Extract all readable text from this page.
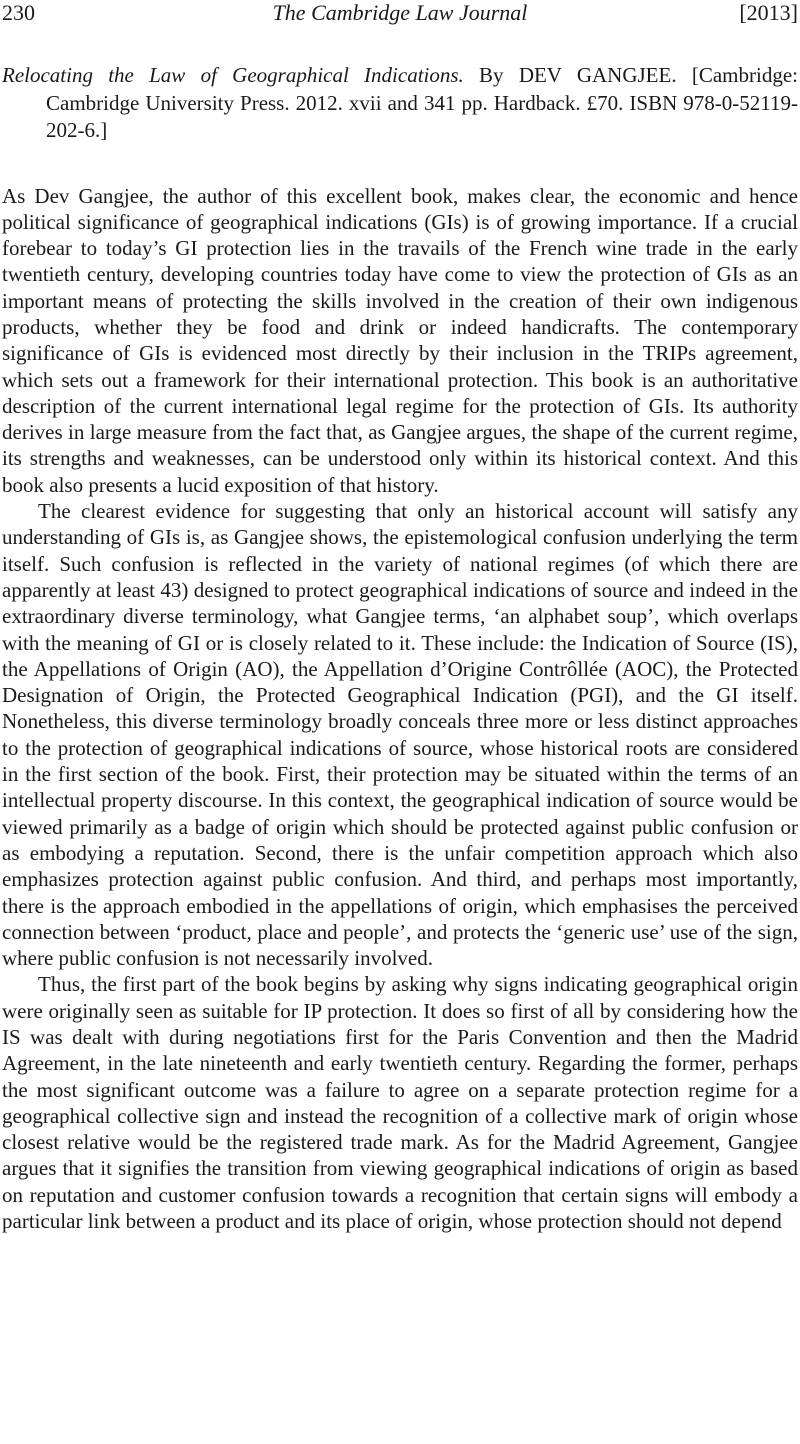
230	The Cambridge Law Journal	[2013]
Relocating the Law of Geographical Indications. By DEV GANGJEE. [Cambridge: Cambridge University Press. 2012. xvii and 341 pp. Hardback. £70. ISBN 978-0-52119-202-6.]

As Dev Gangjee, the author of this excellent book, makes clear, the economic and hence political significance of geographical indications (GIs) is of growing importance. If a crucial forebear to today’s GI protection lies in the travails of the French wine trade in the early twentieth century, developing countries today have come to view the protection of GIs as an important means of protecting the skills involved in the creation of their own indigenous products, whether they be food and drink or indeed handicrafts. The contemporary significance of GIs is evidenced most directly by their inclusion in the TRIPs agreement, which sets out a framework for their international protection. This book is an authoritative description of the current international legal regime for the protection of GIs. Its authority derives in large measure from the fact that, as Gangjee argues, the shape of the current regime, its strengths and weaknesses, can be understood only within its historical context. And this book also presents a lucid exposition of that history.

The clearest evidence for suggesting that only an historical account will satisfy any understanding of GIs is, as Gangjee shows, the epistemological confusion underlying the term itself. Such confusion is reflected in the variety of national regimes (of which there are apparently at least 43) designed to protect geographical indications of source and indeed in the extraordinary diverse terminology, what Gangjee terms, ‘an alphabet soup’, which overlaps with the meaning of GI or is closely related to it. These include: the Indication of Source (IS), the Appellations of Origin (AO), the Appellation d’Origine Contrôllée (AOC), the Protected Designation of Origin, the Protected Geographical Indication (PGI), and the GI itself. Nonetheless, this diverse terminology broadly conceals three more or less distinct approaches to the protection of geographical indications of source, whose historical roots are considered in the first section of the book. First, their protection may be situated within the terms of an intellectual property discourse. In this context, the geographical indication of source would be viewed primarily as a badge of origin which should be protected against public confusion or as embodying a reputation. Second, there is the unfair competition approach which also emphasizes protection against public confusion. And third, and perhaps most importantly, there is the approach embodied in the appellations of origin, which emphasises the perceived connection between ‘product, place and people’, and protects the ‘generic use’ use of the sign, where public confusion is not necessarily involved.

Thus, the first part of the book begins by asking why signs indicating geographical origin were originally seen as suitable for IP protection. It does so first of all by considering how the IS was dealt with during negotiations first for the Paris Convention and then the Madrid Agreement, in the late nineteenth and early twentieth century. Regarding the former, perhaps the most significant outcome was a failure to agree on a separate protection regime for a geographical collective sign and instead the recognition of a collective mark of origin whose closest relative would be the registered trade mark. As for the Madrid Agreement, Gangjee argues that it signifies the transition from viewing geographical indications of origin as based on reputation and customer confusion towards a recognition that certain signs will embody a particular link between a product and its place of origin, whose protection should not depend
